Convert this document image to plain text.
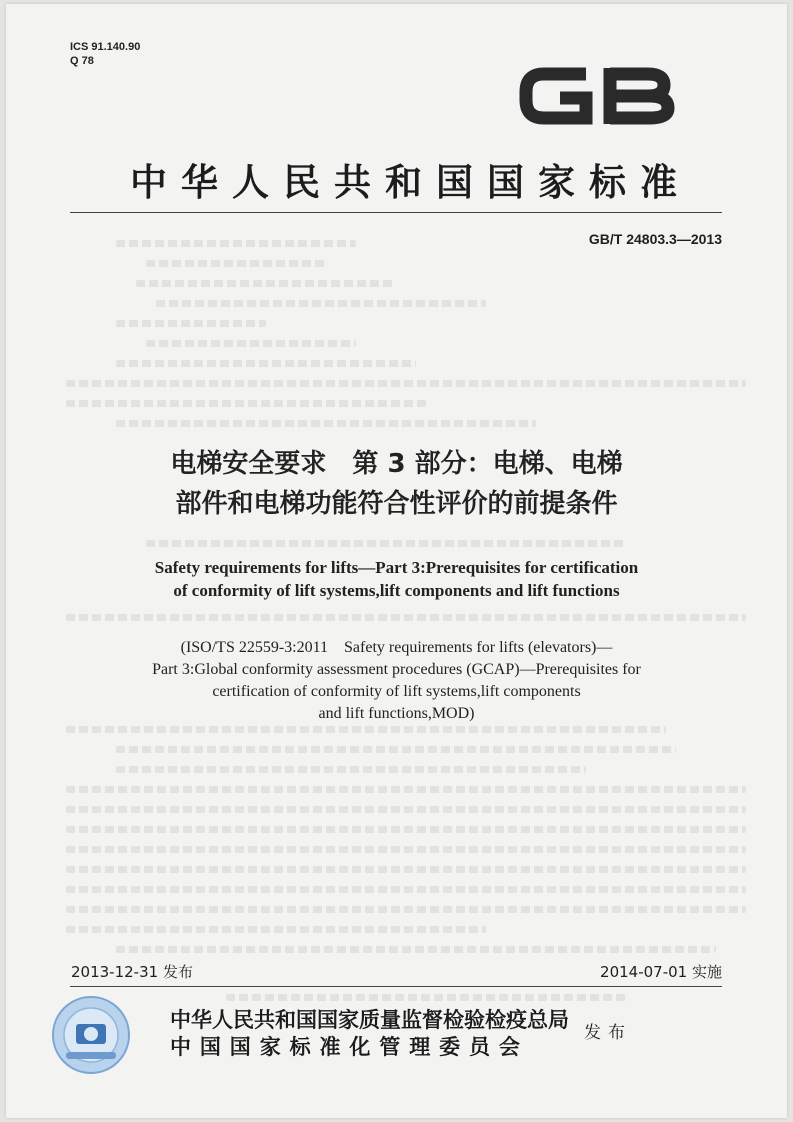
ICS 91.140.90
Q 78
中华人民共和国国家标准
GB/T 24803.3—2013
电梯安全要求　第 3 部分：电梯、电梯
部件和电梯功能符合性评价的前提条件
Safety requirements for lifts—Part 3:Prerequisites for certification
of conformity of lift systems,lift components and lift functions
(ISO/TS 22559-3:2011　Safety requirements for lifts (elevators)—
Part 3:Global conformity assessment procedures (GCAP)—Prerequisites for
certification of conformity of lift systems,lift components
and lift functions,MOD)
2013-12-31 发布	2014-07-01 实施
中华人民共和国国家质量监督检验检疫总局
中国国家标准化管理委员会
发布
